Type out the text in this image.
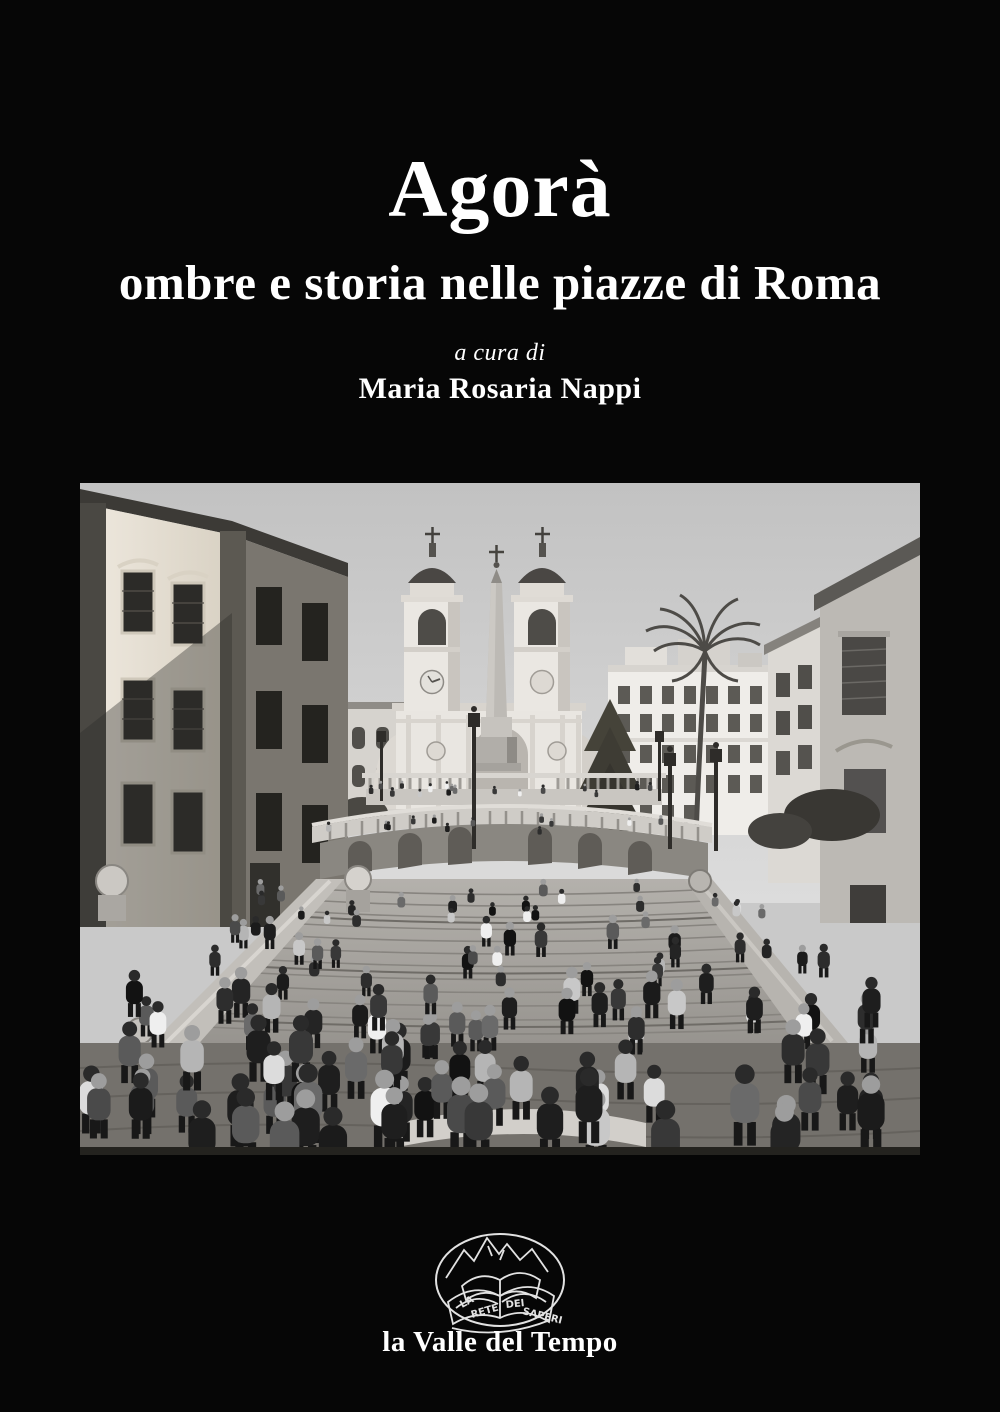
Agorà
ombre e storia nelle piazze di Roma
a cura di
Maria Rosaria Nappi
LA
RETE DEI
SAPERI
la Valle del Tempo
